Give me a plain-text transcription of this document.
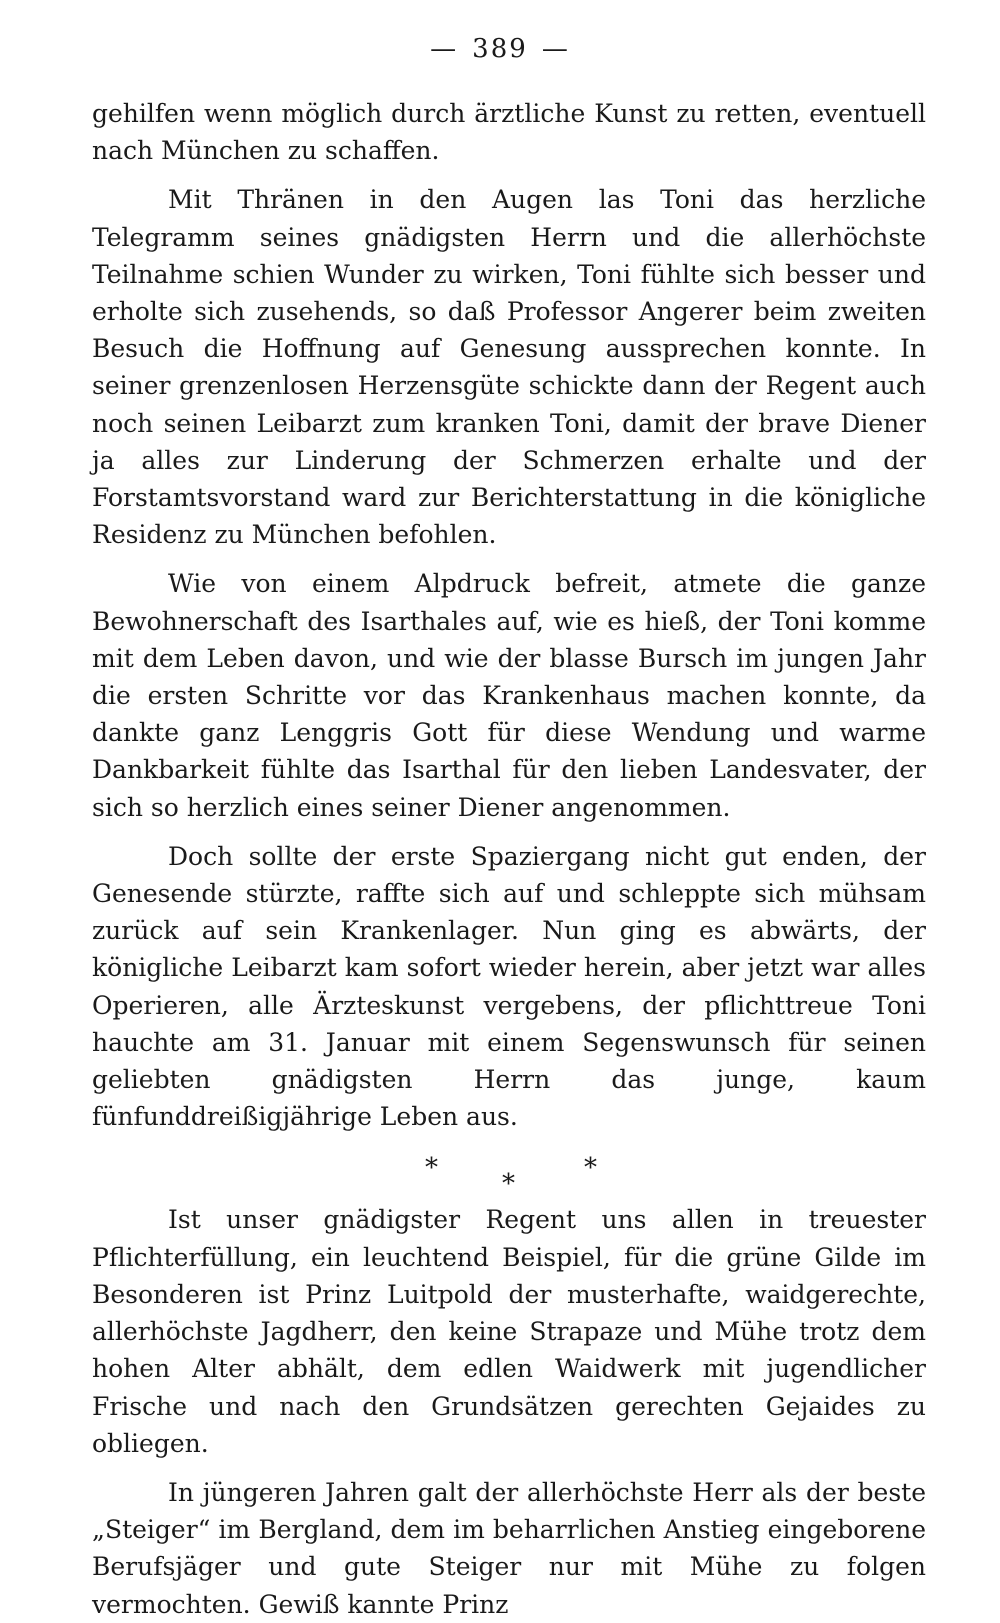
— 389 —

gehilfen wenn möglich durch ärztliche Kunst zu retten, eventuell nach München zu schaffen.

Mit Thränen in den Augen las Toni das herzliche Telegramm seines gnädigsten Herrn und die allerhöchste Teilnahme schien Wunder zu wirken, Toni fühlte sich besser und erholte sich zusehends, so daß Professor Angerer beim zweiten Besuch die Hoffnung auf Genesung aussprechen konnte. In seiner grenzenlosen Herzensgüte schickte dann der Regent auch noch seinen Leibarzt zum kranken Toni, damit der brave Diener ja alles zur Linderung der Schmerzen erhalte und der Forstamtsvorstand ward zur Berichterstattung in die königliche Residenz zu München befohlen.

Wie von einem Alpdruck befreit, atmete die ganze Bewohnerschaft des Isarthales auf, wie es hieß, der Toni komme mit dem Leben davon, und wie der blasse Bursch im jungen Jahr die ersten Schritte vor das Krankenhaus machen konnte, da dankte ganz Lenggris Gott für diese Wendung und warme Dankbarkeit fühlte das Isarthal für den lieben Landesvater, der sich so herzlich eines seiner Diener angenommen.

Doch sollte der erste Spaziergang nicht gut enden, der Genesende stürzte, raffte sich auf und schleppte sich mühsam zurück auf sein Krankenlager. Nun ging es abwärts, der königliche Leibarzt kam sofort wieder herein, aber jetzt war alles Operieren, alle Ärzteskunst vergebens, der pflichttreue Toni hauchte am 31. Januar mit einem Segenswunsch für seinen geliebten gnädigsten Herrn das junge, kaum fünfunddreißigjährige Leben aus.

*
*
*

Ist unser gnädigster Regent uns allen in treuester Pflichterfüllung, ein leuchtend Beispiel, für die grüne Gilde im Besonderen ist Prinz Luitpold der musterhafte, waidgerechte, allerhöchste Jagdherr, den keine Strapaze und Mühe trotz dem hohen Alter abhält, dem edlen Waidwerk mit jugendlicher Frische und nach den Grundsätzen gerechten Gejaides zu obliegen.

In jüngeren Jahren galt der allerhöchste Herr als der beste „Steiger“ im Bergland, dem im beharrlichen Anstieg eingeborene Berufsjäger und gute Steiger nur mit Mühe zu folgen vermochten. Gewiß kannte Prinz
